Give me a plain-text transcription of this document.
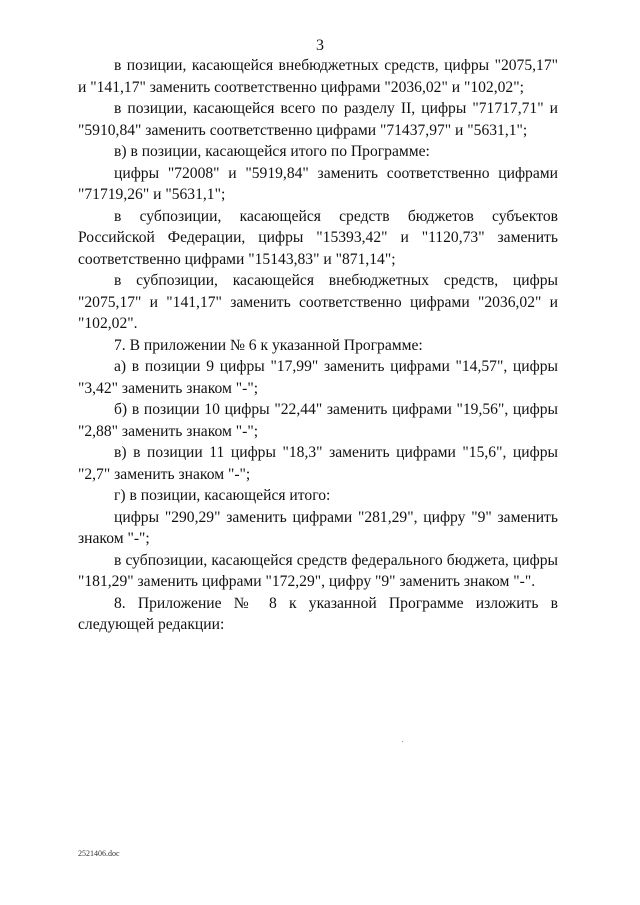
3

в позиции, касающейся внебюджетных средств, цифры "2075,17" и "141,17" заменить соответственно цифрами "2036,02" и "102,02";

в позиции, касающейся всего по разделу II, цифры "71717,71" и "5910,84" заменить соответственно цифрами "71437,97" и "5631,1";

в) в позиции, касающейся итого по Программе:

цифры "72008" и "5919,84" заменить соответственно цифрами "71719,26" и "5631,1";

в субпозиции, касающейся средств бюджетов субъектов Российской Федерации, цифры "15393,42" и "1120,73" заменить соответственно цифрами "15143,83" и "871,14";

в субпозиции, касающейся внебюджетных средств, цифры "2075,17" и "141,17" заменить соответственно цифрами "2036,02" и "102,02".

7. В приложении № 6 к указанной Программе:

а) в позиции 9 цифры "17,99" заменить цифрами "14,57", цифры "3,42" заменить знаком "-";

б) в позиции 10 цифры "22,44" заменить цифрами "19,56", цифры "2,88" заменить знаком "-";

в) в позиции 11 цифры "18,3" заменить цифрами "15,6", цифры "2,7" заменить знаком "-";

г) в позиции, касающейся итого:

цифры "290,29" заменить цифрами "281,29", цифру "9" заменить знаком "-";

в субпозиции, касающейся средств федерального бюджета, цифры "181,29" заменить цифрами "172,29", цифру "9" заменить знаком "-".

8. Приложение № 8 к указанной Программе изложить в следующей редакции:

2521406.doc
